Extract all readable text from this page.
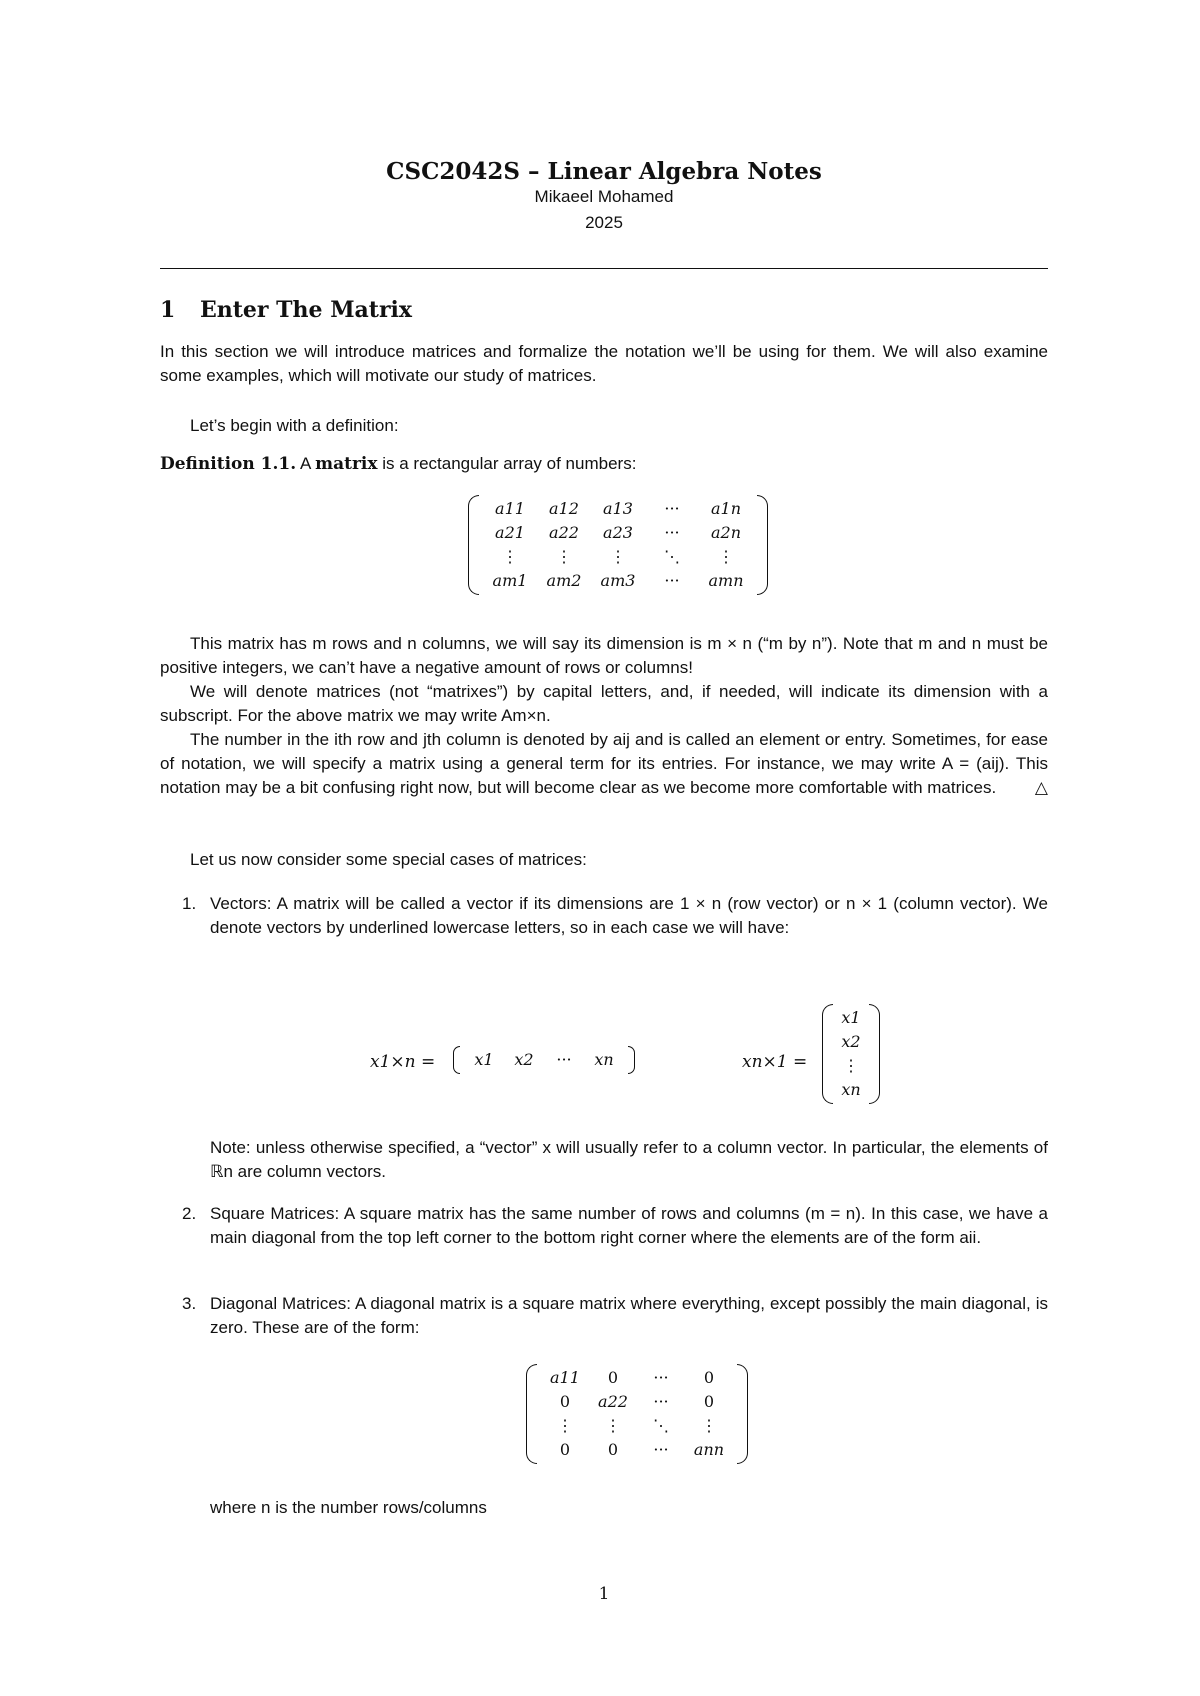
CSC2042S – Linear Algebra Notes
Mikaeel Mohamed
2025
1 Enter The Matrix
In this section we will introduce matrices and formalize the notation we’ll be using for them. We will also examine some examples, which will motivate our study of matrices.
Let’s begin with a definition:
Definition 1.1. A matrix is a rectangular array of numbers:
a11 a12 a13 ··· a1n
a21 a22 a23 ··· a2n
⋮ ⋮ ⋮ ⋱ ⋮
am1 am2 am3 ··· amn
This matrix has m rows and n columns, we will say its dimension is m × n (“m by n”). Note that m and n must be positive integers, we can’t have a negative amount of rows or columns!
We will denote matrices (not “matrixes”) by capital letters, and, if needed, will indicate its dimension with a subscript. For the above matrix we may write Am×n.
The number in the ith row and jth column is denoted by aij and is called an element or entry. Sometimes, for ease of notation, we will specify a matrix using a general term for its entries. For instance, we may write A = (aij). This notation may be a bit confusing right now, but will become clear as we become more comfortable with matrices.	△
Let us now consider some special cases of matrices:
1. Vectors: A matrix will be called a vector if its dimensions are 1 × n (row vector) or n × 1 (column vector). We denote vectors by underlined lowercase letters, so in each case we will have:
x1×n = x1 x2 ··· xn	xn×1 =
x1
x2
⋮
xn
Note: unless otherwise specified, a “vector” x will usually refer to a column vector. In particular, the elements of ℝn are column vectors.
2. Square Matrices: A square matrix has the same number of rows and columns (m = n). In this case, we have a main diagonal from the top left corner to the bottom right corner where the elements are of the form aii.
3. Diagonal Matrices: A diagonal matrix is a square matrix where everything, except possibly the main diagonal, is zero. These are of the form:
a11 0 ··· 0
0 a22 ··· 0
⋮ ⋮ ⋱ ⋮
0 0 ··· ann
where n is the number rows/columns
1
